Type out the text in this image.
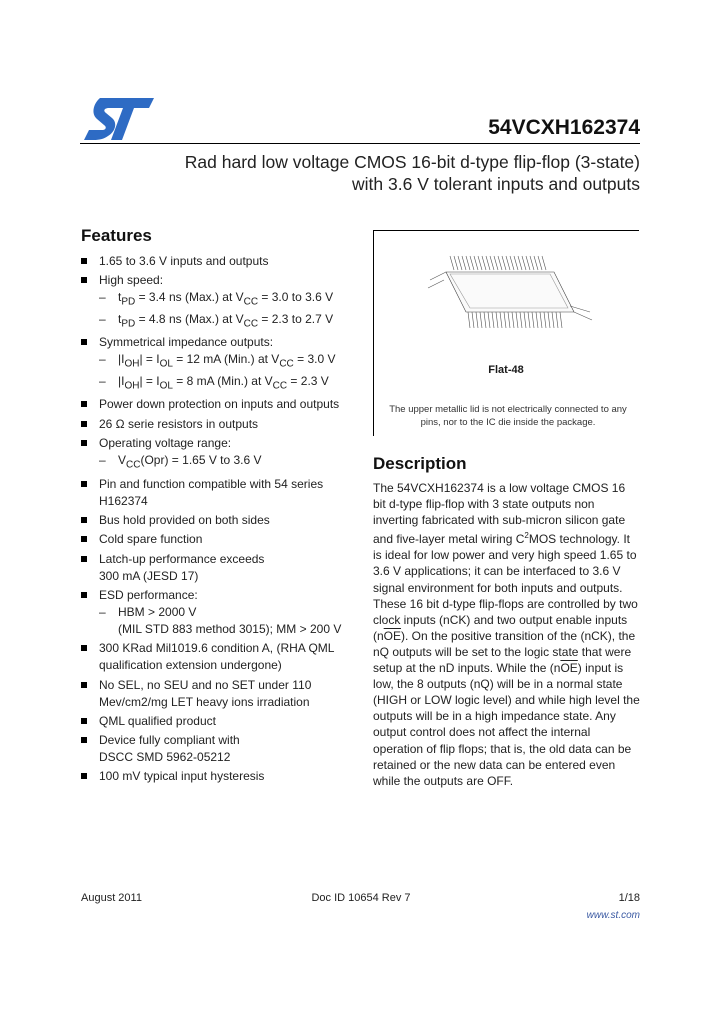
54VCXH162374
Rad hard low voltage CMOS 16-bit d-type flip-flop (3-state)
with 3.6 V tolerant inputs and outputs
Features
1.65 to 3.6 V inputs and outputs
High speed:
– $t_{PD} = 3.4$ ns (Max.) at $V_{CC} = 3.0$ to 3.6 V
– $t_{PD} = 4.8$ ns (Max.) at $V_{CC} = 2.3$ to 2.7 V
Symmetrical impedance outputs:
– $|I_{OH}| = I_{OL} = 12$ mA (Min.) at $V_{CC} = 3.0$ V
– $|I_{OH}| = I_{OL} = 8$ mA (Min.) at $V_{CC} = 2.3$ V
Power down protection on inputs and outputs
26 Ω serie resistors in outputs
Operating voltage range:
– $V_{CC}(Opr) = 1.65$ V to 3.6 V
Pin and function compatible with 54 series
H162374
Bus hold provided on both sides
Cold spare function
Latch-up performance exceeds
300 mA (JESD 17)
ESD performance:
– HBM > 2000 V
(MIL STD 883 method 3015); MM > 200 V
300 KRad Mil1019.6 condition A, (RHA QML
qualification extension undergone)
No SEL, no SEU and no SET under 110
Mev/cm2/mg LET heavy ions irradiation
QML qualified product
Device fully compliant with
DSCC SMD 5962-05212
100 mV typical input hysteresis
Flat-48
The upper metallic lid is not electrically connected to any
pins, nor to the IC die inside the package.
Description
The 54VCXH162374 is a low voltage CMOS 16
bit d-type flip-flop with 3 state outputs non
inverting fabricated with sub-micron silicon gate
and five-layer metal wiring $C^2MOS$ technology. It
is ideal for low power and very high speed 1.65 to
3.6 V applications; it can be interfaced to 3.6 V
signal environment for both inputs and outputs.
These 16 bit d-type flip-flops are controlled by two
clock inputs (nCK) and two output enable inputs
$(n\overline{OE})$. On the positive transition of the (nCK), the
nQ outputs will be set to the logic state that were
setup at the nD inputs. While the $(n\overline{OE})$ input is
low, the 8 outputs (nQ) will be in a normal state
(HIGH or LOW logic level) and while high level the
outputs will be in a high impedance state. Any
output control does not affect the internal
operation of flip flops; that is, the old data can be
retained or the new data can be entered even
while the outputs are OFF.
August 2011	Doc ID 10654 Rev 7	1/18
www.st.com
